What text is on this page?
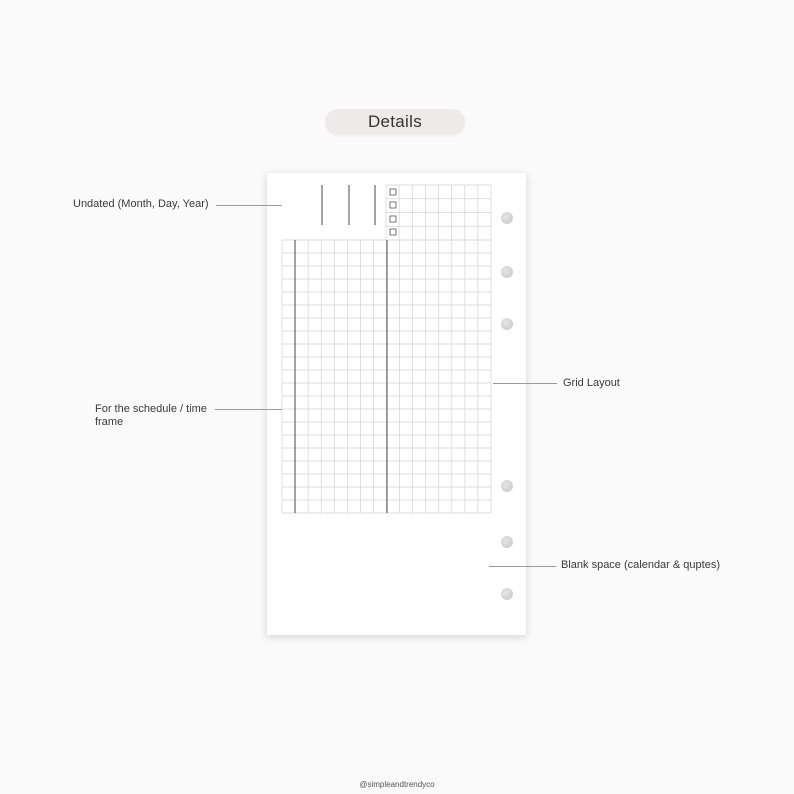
Details
Undated (Month, Day, Year)
For the schedule / time frame
Grid Layout
Blank space (calendar & quptes)
@simpleandtrendyco
